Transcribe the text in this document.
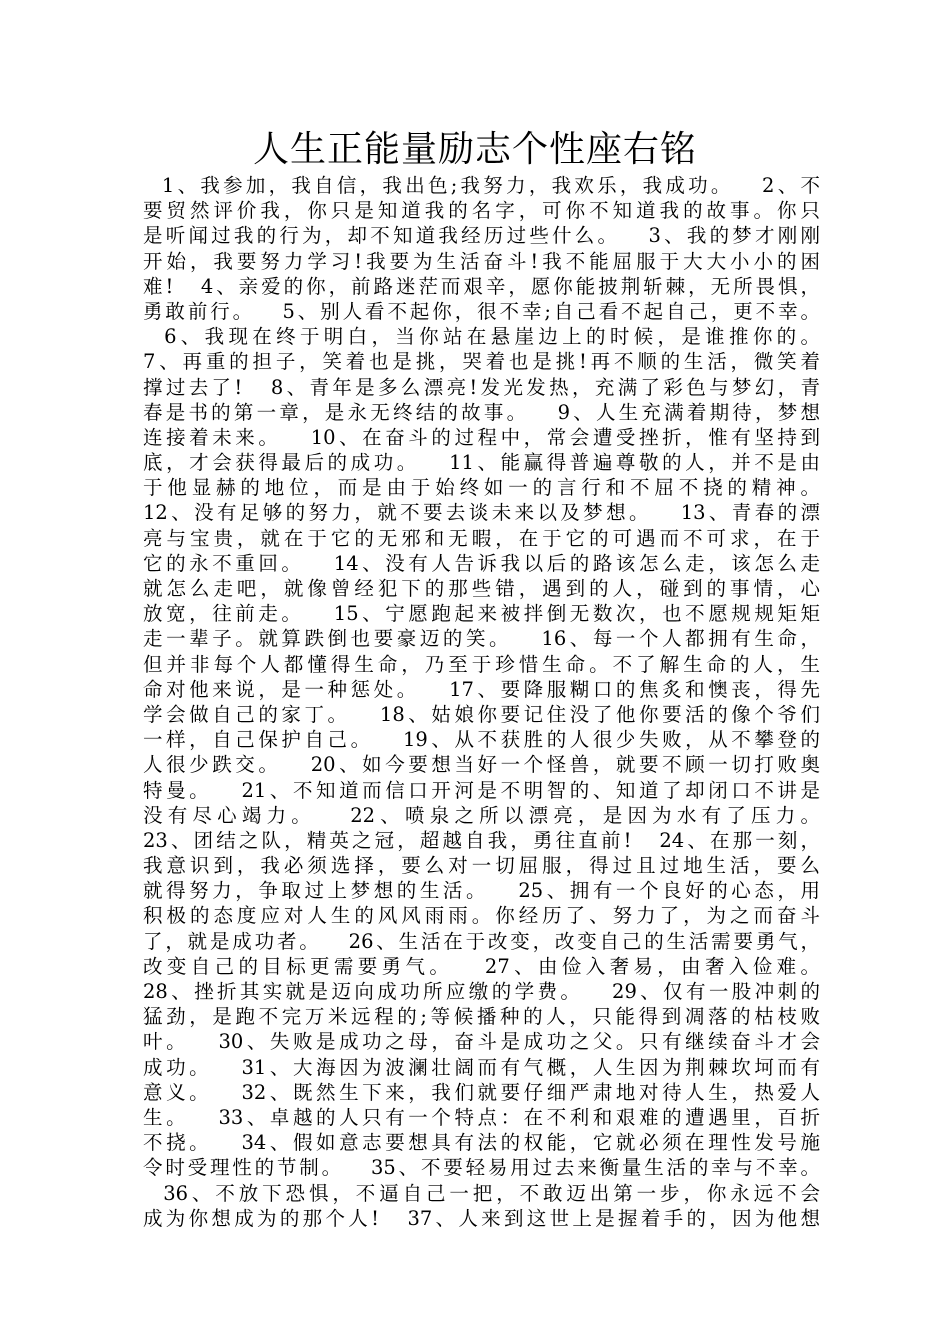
人生正能量励志个性座右铭
1、我参加，我自信，我出色;我努力，我欢乐，我成功。   2、不
要贸然评价我，你只是知道我的名字，可你不知道我的故事。你只
是听闻过我的行为，却不知道我经历过些什么。   3、我的梦才刚刚
开始，我要努力学习!我要为生活奋斗!我不能屈服于大大小小的困
难!   4、亲爱的你，前路迷茫而艰辛，愿你能披荆斩棘，无所畏惧，
勇敢前行。   5、别人看不起你，很不幸;自己看不起自己，更不幸。
6、我现在终于明白，当你站在悬崖边上的时候，是谁推你的。
7、再重的担子，笑着也是挑，哭着也是挑!再不顺的生活，微笑着
撑过去了!   8、青年是多么漂亮!发光发热，充满了彩色与梦幻，青
春是书的第一章，是永无终结的故事。   9、人生充满着期待，梦想
连接着未来。   10、在奋斗的过程中，常会遭受挫折，惟有坚持到
底，才会获得最后的成功。   11、能赢得普遍尊敬的人，并不是由
于他显赫的地位，而是由于始终如一的言行和不屈不挠的精神。
12、没有足够的努力，就不要去谈未来以及梦想。   13、青春的漂
亮与宝贵，就在于它的无邪和无暇，在于它的可遇而不可求，在于
它的永不重回。   14、没有人告诉我以后的路该怎么走，该怎么走
就怎么走吧，就像曾经犯下的那些错，遇到的人，碰到的事情，心
放宽，往前走。   15、宁愿跑起来被拌倒无数次，也不愿规规矩矩
走一辈子。就算跌倒也要豪迈的笑。   16、每一个人都拥有生命，
但并非每个人都懂得生命，乃至于珍惜生命。不了解生命的人，生
命对他来说，是一种惩处。   17、要降服糊口的焦炙和懊丧，得先
学会做自己的家丁。   18、姑娘你要记住没了他你要活的像个爷们
一样，自己保护自己。   19、从不获胜的人很少失败，从不攀登的
人很少跌交。   20、如今要想当好一个怪兽，就要不顾一切打败奥
特曼。   21、不知道而信口开河是不明智的、知道了却闭口不讲是
没有尽心竭力。   22、喷泉之所以漂亮，是因为水有了压力。
23、团结之队，精英之冠，超越自我，勇往直前!   24、在那一刻，
我意识到，我必须选择，要么对一切屈服，得过且过地生活，要么
就得努力，争取过上梦想的生活。   25、拥有一个良好的心态，用
积极的态度应对人生的风风雨雨。你经历了、努力了，为之而奋斗
了，就是成功者。   26、生活在于改变，改变自己的生活需要勇气，
改变自己的目标更需要勇气。   27、由俭入奢易，由奢入俭难。
28、挫折其实就是迈向成功所应缴的学费。   29、仅有一股冲刺的
猛劲，是跑不完万米远程的;等候播种的人，只能得到凋落的枯枝败
叶。   30、失败是成功之母，奋斗是成功之父。只有继续奋斗才会
成功。   31、大海因为波澜壮阔而有气概，人生因为荆棘坎坷而有
意义。   32、既然生下来，我们就要仔细严肃地对待人生，热爱人
生。   33、卓越的人只有一个特点：在不利和艰难的遭遇里，百折
不挠。   34、假如意志要想具有法的权能，它就必须在理性发号施
令时受理性的节制。   35、不要轻易用过去来衡量生活的幸与不幸。
36、不放下恐惧，不逼自己一把，不敢迈出第一步，你永远不会
成为你想成为的那个人!   37、人来到这世上是握着手的，因为他想
